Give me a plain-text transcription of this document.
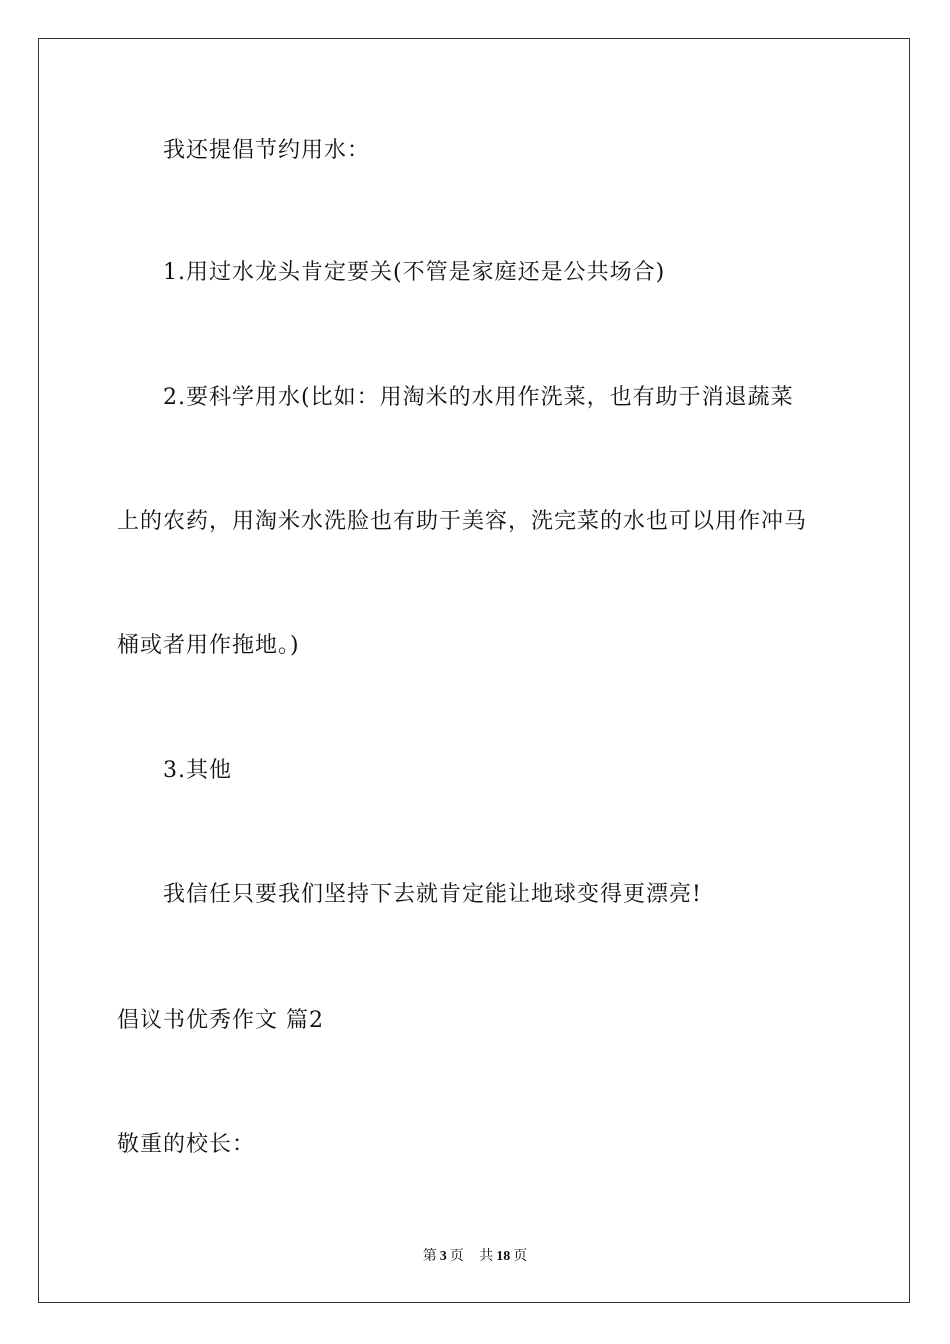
我还提倡节约用水：
1.用过水龙头肯定要关(不管是家庭还是公共场合)
2.要科学用水(比如：用淘米的水用作洗菜，也有助于消退蔬菜
上的农药，用淘米水洗脸也有助于美容，洗完菜的水也可以用作冲马
桶或者用作拖地。)
3.其他
我信任只要我们坚持下去就肯定能让地球变得更漂亮!
倡议书优秀作文 篇2
敬重的校长：
第 3 页 共 18 页
